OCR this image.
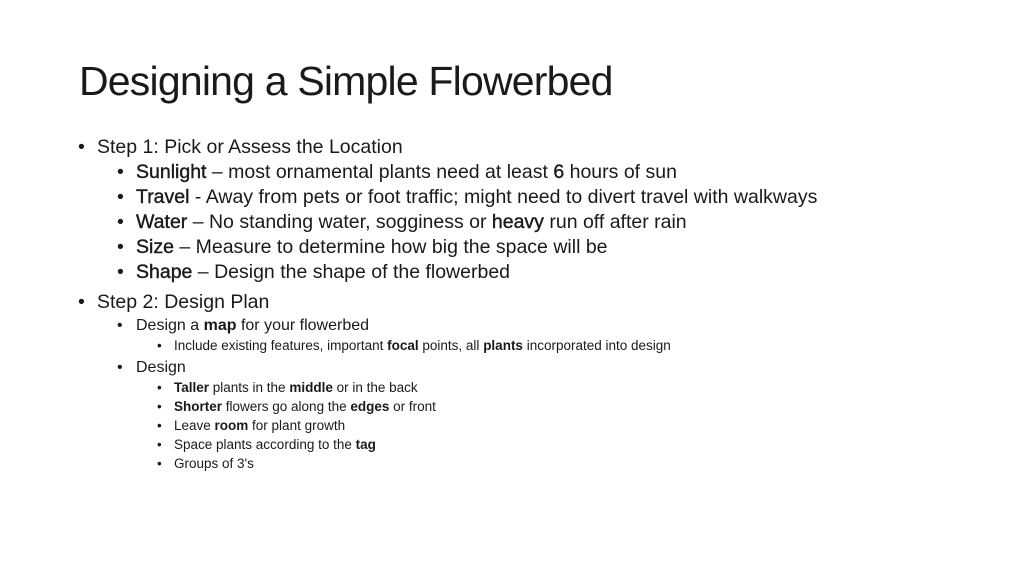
Designing a Simple Flowerbed
• Step 1: Pick or Assess the Location
• Sunlight – most ornamental plants need at least 6 hours of sun
• Travel - Away from pets or foot traffic; might need to divert travel with walkways
• Water – No standing water, sogginess or heavy run off after rain
• Size – Measure to determine how big the space will be
• Shape – Design the shape of the flowerbed
• Step 2: Design Plan
• Design a map for your flowerbed
• Include existing features, important focal points, all plants incorporated into design
• Design
• Taller plants in the middle or in the back
• Shorter flowers go along the edges or front
• Leave room for plant growth
• Space plants according to the tag
• Groups of 3's
